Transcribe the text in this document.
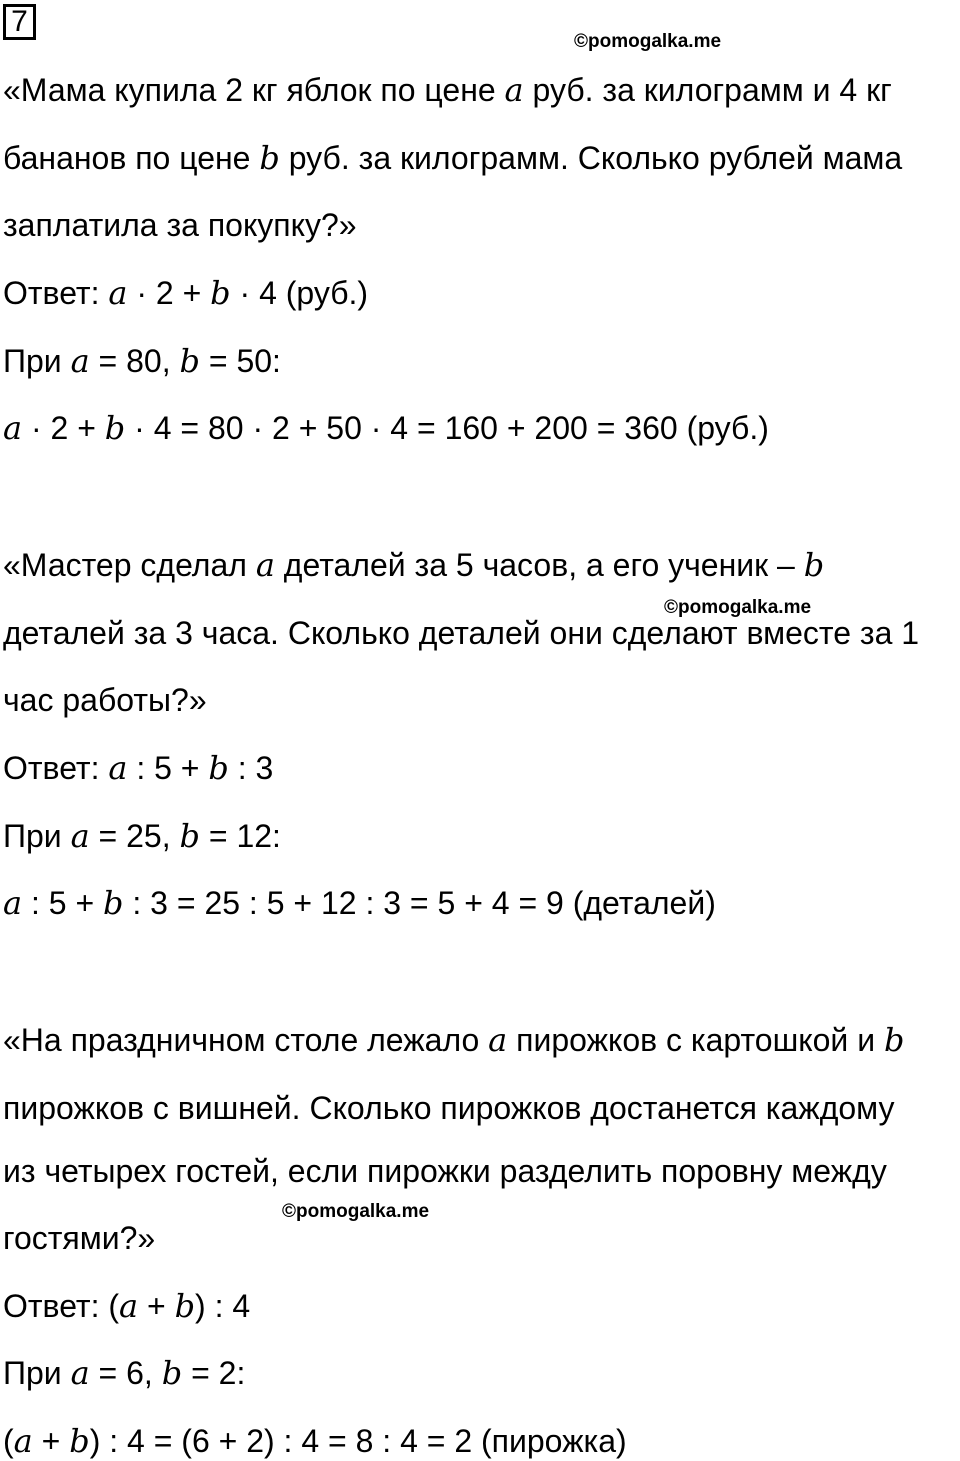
7
©pomogalka.me
©pomogalka.me
©pomogalka.me
«Мама купила 2 кг яблок по цене a руб. за килограмм и 4 кг
бананов по цене b руб. за килограмм. Сколько рублей мама
заплатила за покупку?»
Ответ: a · 2 + b · 4 (руб.)
При a = 80, b = 50:
a · 2 + b · 4 = 80 · 2 + 50 · 4 = 160 + 200 = 360 (руб.)
«Мастер сделал a деталей за 5 часов, а его ученик – b
деталей за 3 часа. Сколько деталей они сделают вместе за 1
час работы?»
Ответ: a : 5 + b : 3
При a = 25, b = 12:
a : 5 + b : 3 = 25 : 5 + 12 : 3 = 5 + 4 = 9 (деталей)
«На праздничном столе лежало a пирожков с картошкой и b
пирожков с вишней. Сколько пирожков достанется каждому
из четырех гостей, если пирожки разделить поровну между
гостями?»
Ответ: (a + b) : 4
При a = 6, b = 2:
(a + b) : 4 = (6 + 2) : 4 = 8 : 4 = 2 (пирожка)
